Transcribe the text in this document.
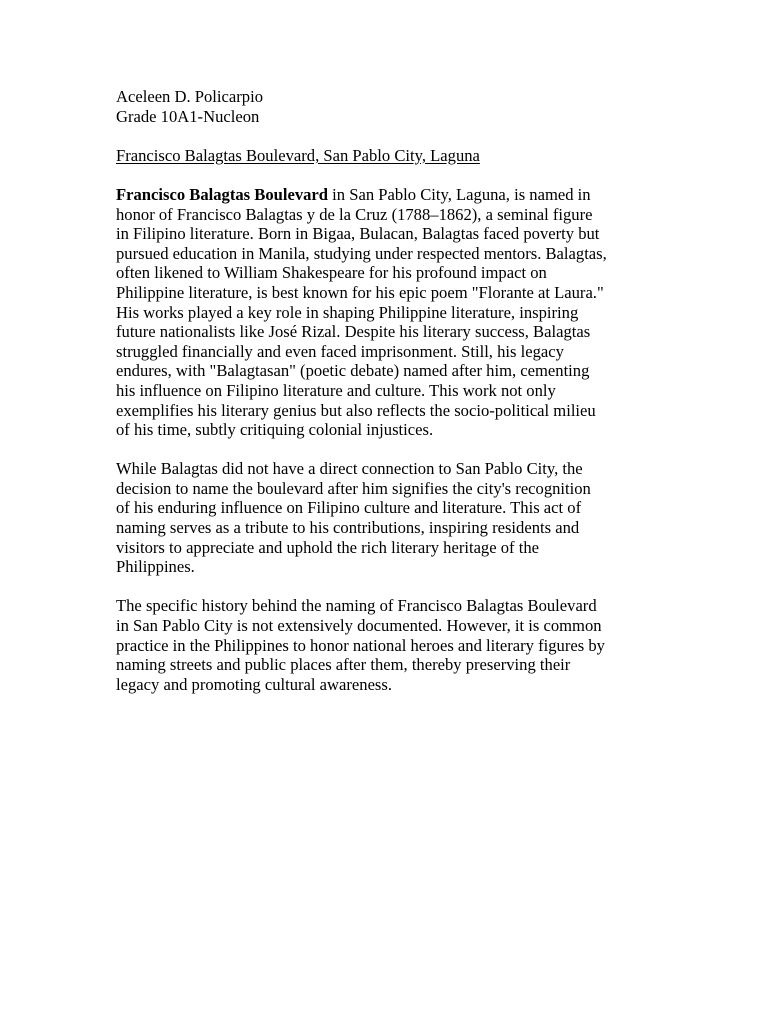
Aceleen D. Policarpio
Grade 10A1-Nucleon
Francisco Balagtas Boulevard, San Pablo City, Laguna
Francisco Balagtas Boulevard in San Pablo City, Laguna, is named in
honor of Francisco Balagtas y de la Cruz (1788–1862), a seminal figure
in Filipino literature. Born in Bigaa, Bulacan, Balagtas faced poverty but
pursued education in Manila, studying under respected mentors. Balagtas,
often likened to William Shakespeare for his profound impact on
Philippine literature, is best known for his epic poem "Florante at Laura."
His works played a key role in shaping Philippine literature, inspiring
future nationalists like José Rizal. Despite his literary success, Balagtas
struggled financially and even faced imprisonment. Still, his legacy
endures, with "Balagtasan" (poetic debate) named after him, cementing
his influence on Filipino literature and culture. This work not only
exemplifies his literary genius but also reflects the socio-political milieu
of his time, subtly critiquing colonial injustices.
While Balagtas did not have a direct connection to San Pablo City, the
decision to name the boulevard after him signifies the city's recognition
of his enduring influence on Filipino culture and literature. This act of
naming serves as a tribute to his contributions, inspiring residents and
visitors to appreciate and uphold the rich literary heritage of the
Philippines.
The specific history behind the naming of Francisco Balagtas Boulevard
in San Pablo City is not extensively documented. However, it is common
practice in the Philippines to honor national heroes and literary figures by
naming streets and public places after them, thereby preserving their
legacy and promoting cultural awareness.
